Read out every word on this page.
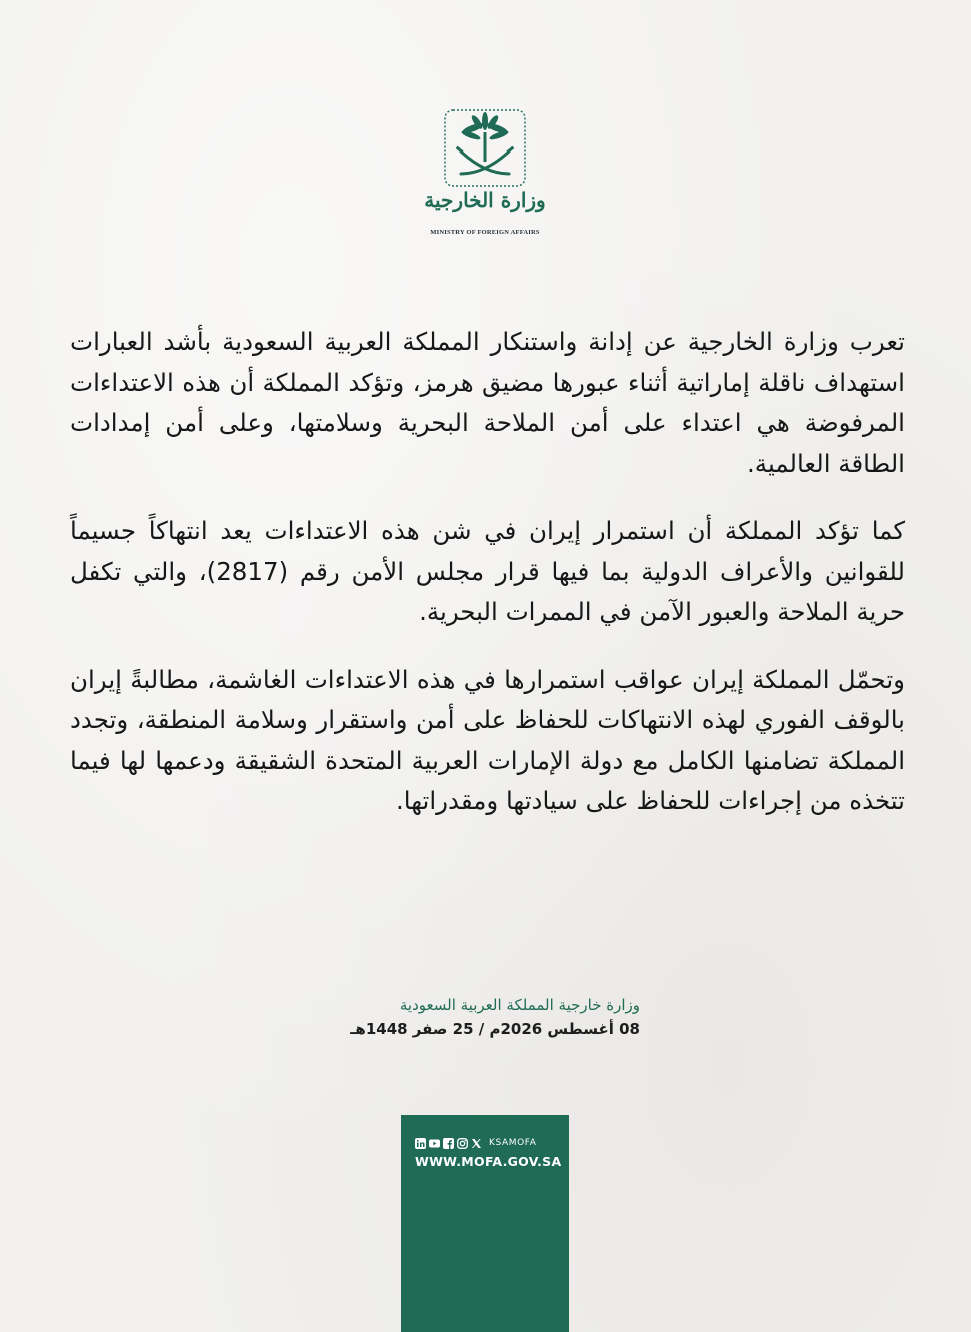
وزارة الخارجية
MINISTRY OF FOREIGN AFFAIRS

تعرب وزارة الخارجية عن إدانة واستنكار المملكة العربية السعودية بأشد العبارات استهداف ناقلة إماراتية أثناء عبورها مضيق هرمز، وتؤكد المملكة أن هذه الاعتداءات المرفوضة هي اعتداء على أمن الملاحة البحرية وسلامتها، وعلى أمن إمدادات الطاقة العالمية.

كما تؤكد المملكة أن استمرار إيران في شن هذه الاعتداءات يعد انتهاكاً جسيماً للقوانين والأعراف الدولية بما فيها قرار مجلس الأمن رقم (2817)، والتي تكفل حرية الملاحة والعبور الآمن في الممرات البحرية.

وتحمّل المملكة إيران عواقب استمرارها في هذه الاعتداءات الغاشمة، مطالبةً إيران بالوقف الفوري لهذه الانتهاكات للحفاظ على أمن واستقرار وسلامة المنطقة، وتجدد المملكة تضامنها الكامل مع دولة الإمارات العربية المتحدة الشقيقة ودعمها لها فيما تتخذه من إجراءات للحفاظ على سيادتها ومقدراتها.

وزارة خارجية المملكة العربية السعودية
08 أغسطس 2026م / 25 صفر 1448هـ
KSAMOFA
WWW.MOFA.GOV.SA
